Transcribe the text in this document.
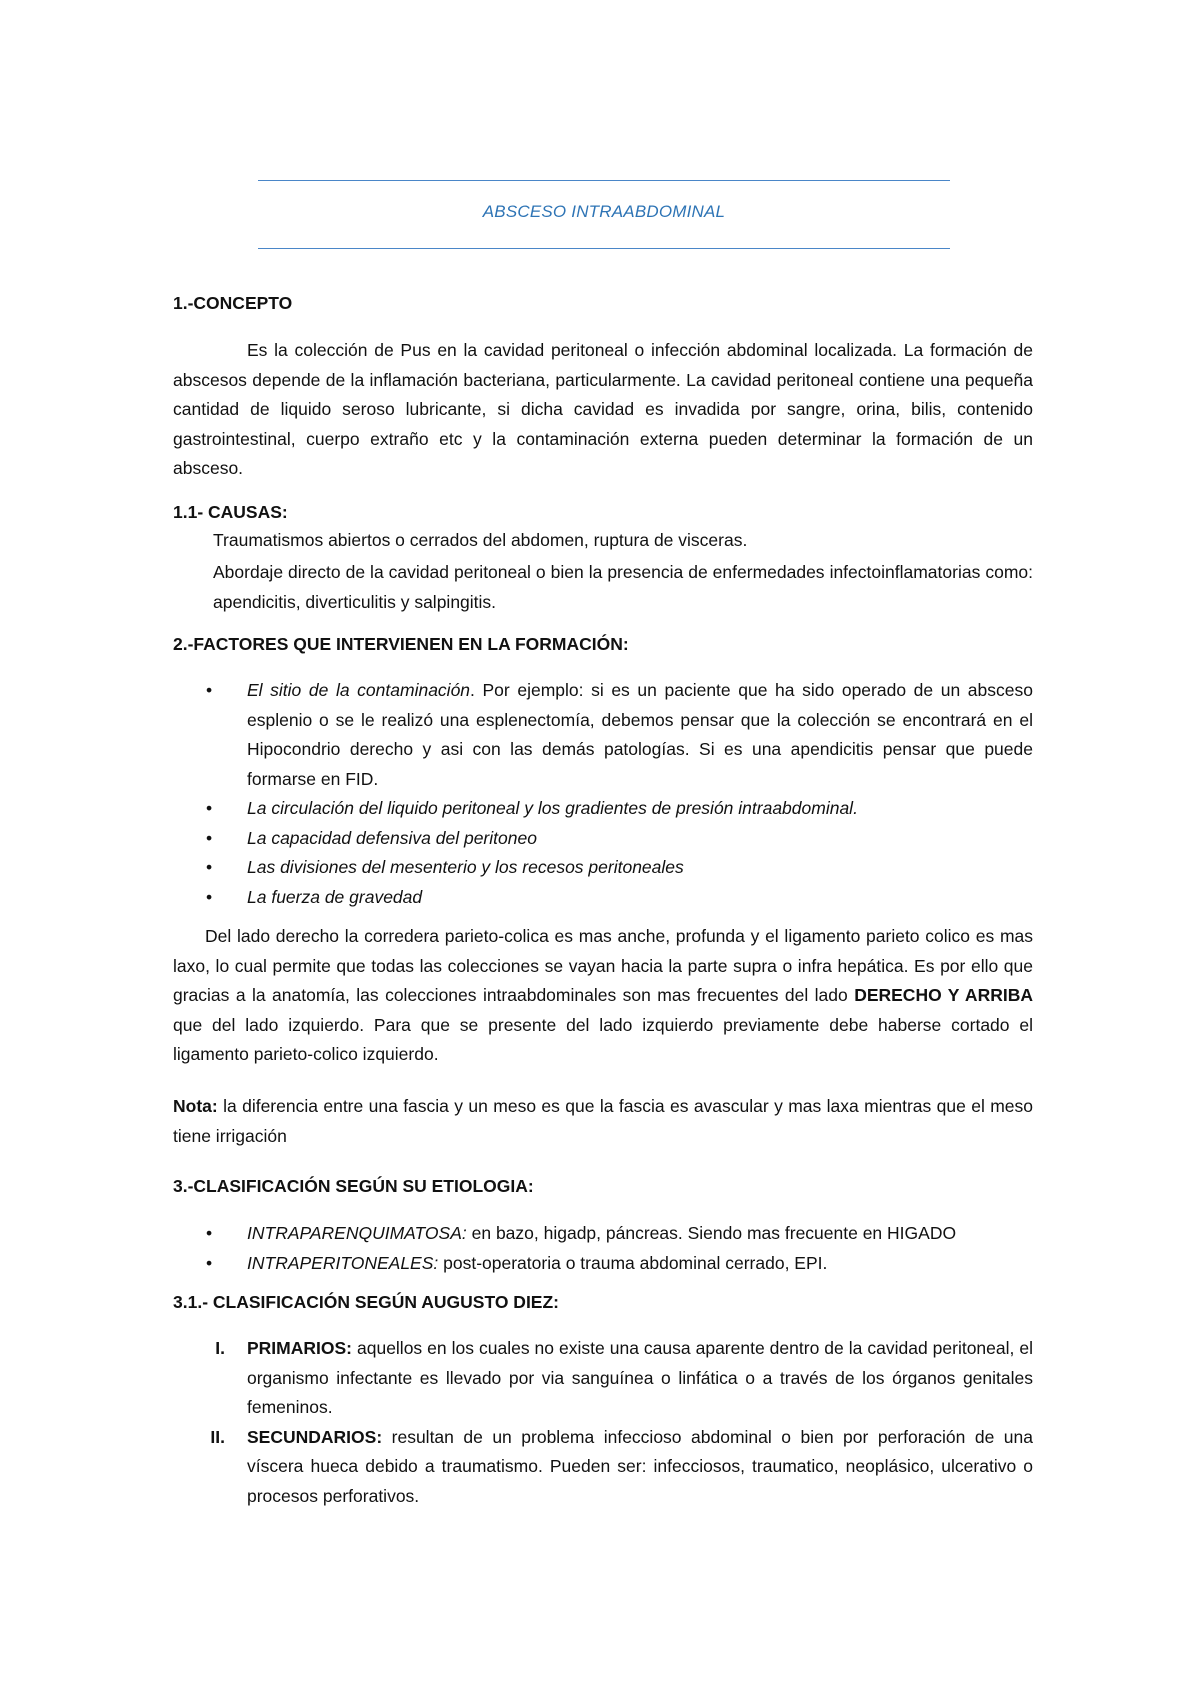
ABSCESO INTRAABDOMINAL
1.-CONCEPTO
Es la colección de Pus en la cavidad peritoneal o infección abdominal localizada. La formación de abscesos depende de la inflamación bacteriana, particularmente. La cavidad peritoneal contiene una pequeña cantidad de liquido seroso lubricante, si dicha cavidad es invadida por sangre, orina, bilis, contenido gastrointestinal, cuerpo extraño etc y la contaminación externa pueden determinar la formación de un absceso.
1.1- CAUSAS:
Traumatismos abiertos o cerrados del abdomen, ruptura de visceras.
Abordaje directo de la cavidad peritoneal o bien la presencia de enfermedades infectoinflamatorias como: apendicitis, diverticulitis y salpingitis.
2.-FACTORES QUE INTERVIENEN EN LA FORMACIÓN:
• El sitio de la contaminación. Por ejemplo: si es un paciente que ha sido operado de un absceso esplenio o se le realizó una esplenectomía, debemos pensar que la colección se encontrará en el Hipocondrio derecho y asi con las demás patologías. Si es una apendicitis pensar que puede formarse en FID.
• La circulación del liquido peritoneal y los gradientes de presión intraabdominal.
• La capacidad defensiva del peritoneo
• Las divisiones del mesenterio y los recesos peritoneales
• La fuerza de gravedad
Del lado derecho la corredera parieto-colica es mas anche, profunda y el ligamento parieto colico es mas laxo, lo cual permite que todas las colecciones se vayan hacia la parte supra o infra hepática. Es por ello que gracias a la anatomía, las colecciones intraabdominales son mas frecuentes del lado DERECHO Y ARRIBA que del lado izquierdo. Para que se presente del lado izquierdo previamente debe haberse cortado el ligamento parieto-colico izquierdo.
Nota: la diferencia entre una fascia y un meso es que la fascia es avascular y mas laxa mientras que el meso tiene irrigación
3.-CLASIFICACIÓN SEGÚN SU ETIOLOGIA:
• INTRAPARENQUIMATOSA: en bazo, higadp, páncreas. Siendo mas frecuente en HIGADO
• INTRAPERITONEALES: post-operatoria o trauma abdominal cerrado, EPI.
3.1.- CLASIFICACIÓN SEGÚN AUGUSTO DIEZ:
I. PRIMARIOS: aquellos en los cuales no existe una causa aparente dentro de la cavidad peritoneal, el organismo infectante es llevado por via sanguínea o linfática o a través de los órganos genitales femeninos.
II. SECUNDARIOS: resultan de un problema infeccioso abdominal o bien por perforación de una víscera hueca debido a traumatismo. Pueden ser: infecciosos, traumatico, neoplásico, ulcerativo o procesos perforativos.
